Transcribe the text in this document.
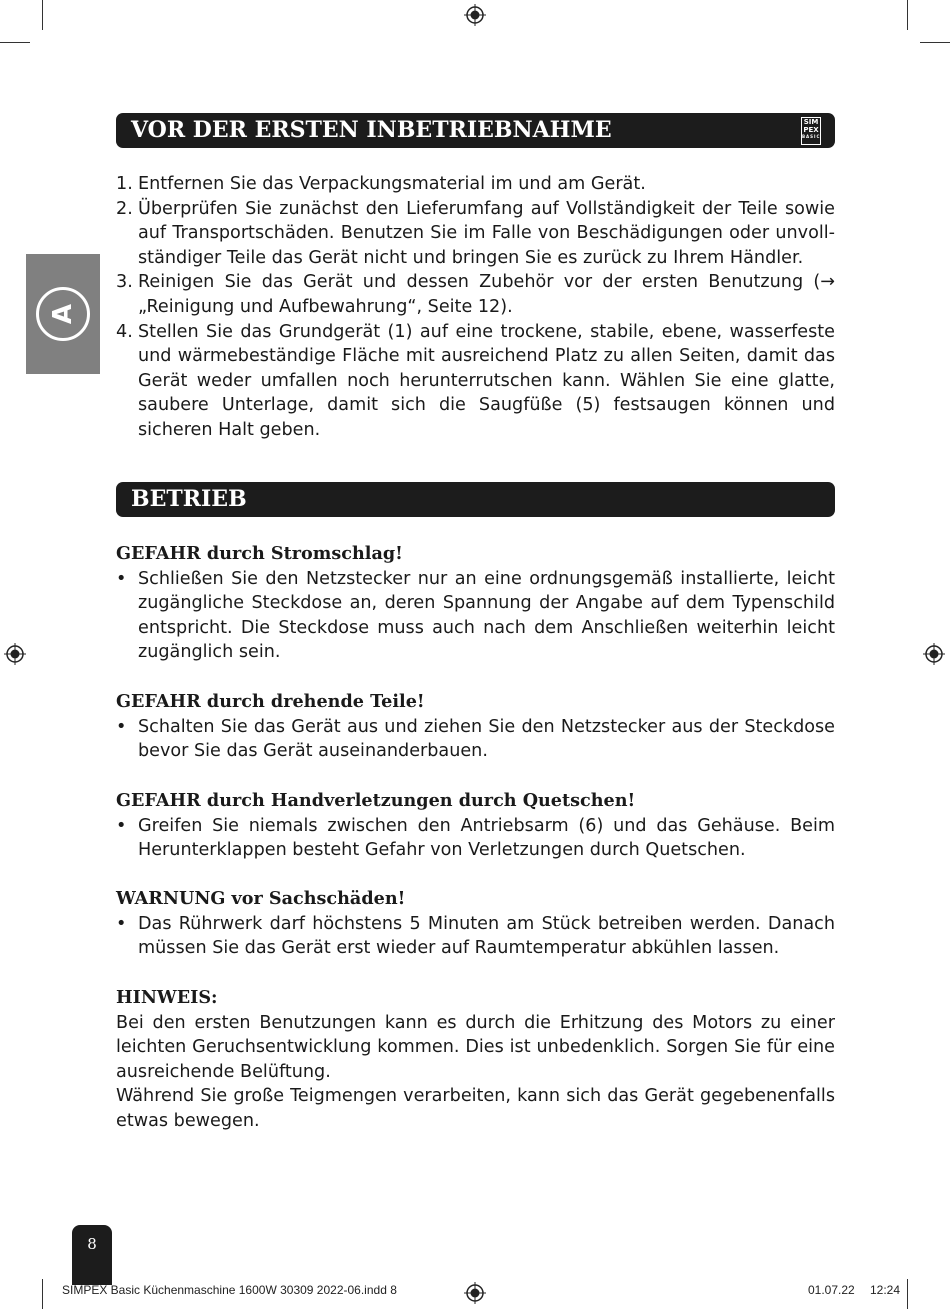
A
VOR DER ERSTEN INBETRIEBNAHME	SIM
PEX
BASIC
1. Entfernen Sie das Verpackungsmaterial im und am Gerät.
2. Überprüfen Sie zunächst den Lieferumfang auf Vollständigkeit der Teile sowie auf Transportschäden. Benutzen Sie im Falle von Beschädigungen oder unvollständiger Teile das Gerät nicht und bringen Sie es zurück zu Ihrem Händler.
3. Reinigen Sie das Gerät und dessen Zubehör vor der ersten Benutzung (→ „Reinigung und Aufbewahrung“, Seite 12).
4. Stellen Sie das Grundgerät (1) auf eine trockene, stabile, ebene, wasserfeste und wärmebeständige Fläche mit ausreichend Platz zu allen Seiten, damit das Gerät weder umfallen noch herunterrutschen kann. Wählen Sie eine glatte, saubere Unterlage, damit sich die Saugfüße (5) festsaugen können und sicheren Halt geben.
BETRIEB
GEFAHR durch Stromschlag!
• Schließen Sie den Netzstecker nur an eine ordnungsgemäß installierte, leicht zugängliche Steckdose an, deren Spannung der Angabe auf dem Typenschild entspricht. Die Steckdose muss auch nach dem Anschließen weiterhin leicht zugänglich sein.
GEFAHR durch drehende Teile!
• Schalten Sie das Gerät aus und ziehen Sie den Netzstecker aus der Steckdose bevor Sie das Gerät auseinanderbauen.
GEFAHR durch Handverletzungen durch Quetschen!
• Greifen Sie niemals zwischen den Antriebsarm (6) und das Gehäuse. Beim Herunterklappen besteht Gefahr von Verletzungen durch Quetschen.
WARNUNG vor Sachschäden!
• Das Rührwerk darf höchstens 5 Minuten am Stück betreiben werden. Danach müssen Sie das Gerät erst wieder auf Raumtemperatur abkühlen lassen.
HINWEIS:
Bei den ersten Benutzungen kann es durch die Erhitzung des Motors zu einer leichten Geruchsentwicklung kommen. Dies ist unbedenklich. Sorgen Sie für eine ausreichende Belüftung.
Während Sie große Teigmengen verarbeiten, kann sich das Gerät gegebenenfalls etwas bewegen.
8
SIMPEX Basic Küchenmaschine 1600W 30309 2022-06.indd 8	01.07.22 12:24
